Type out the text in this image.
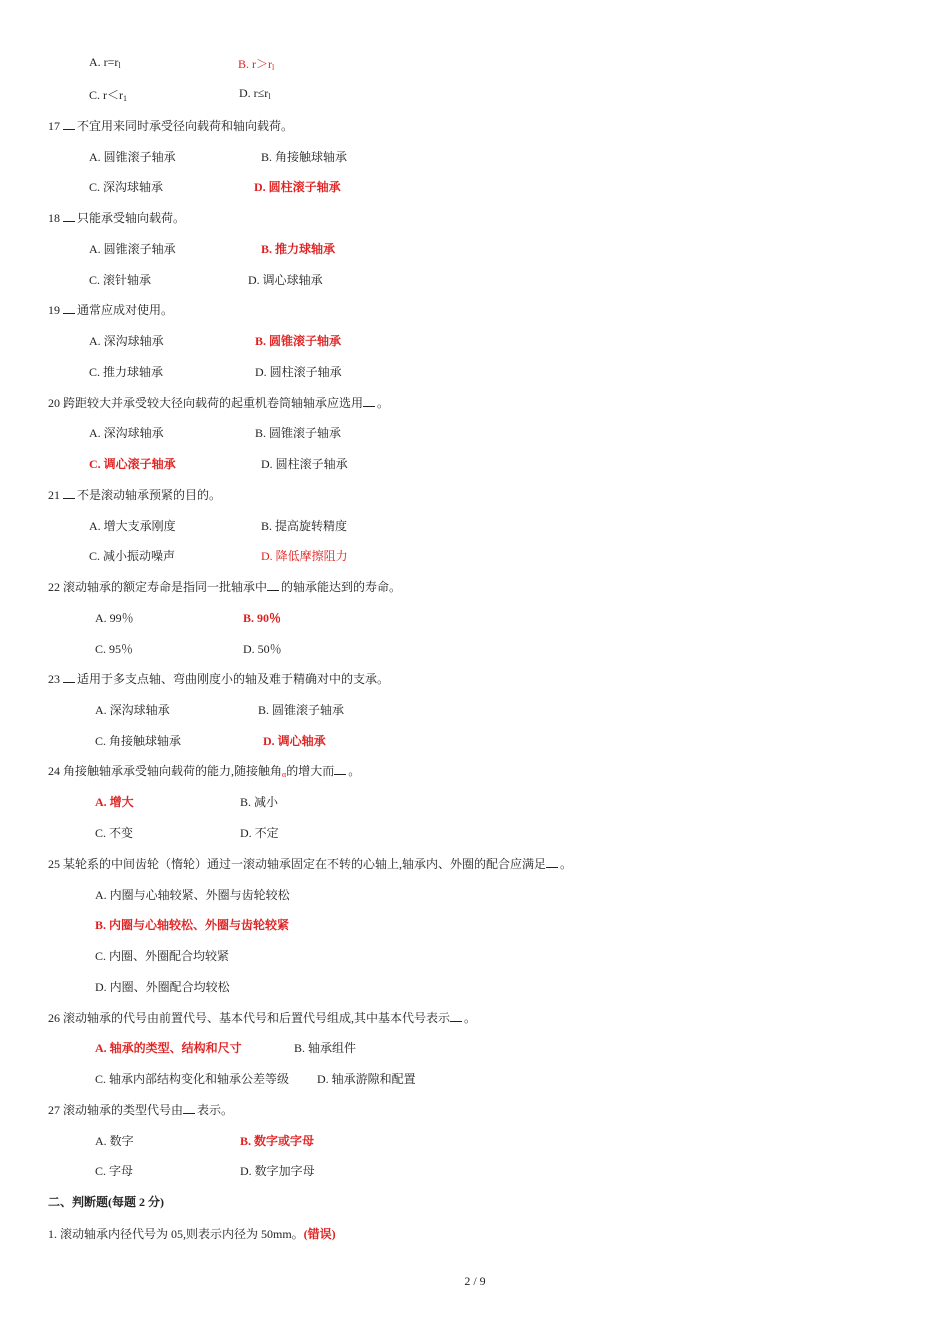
A. $r=r_l$	B. $r>r_l$
C. $r<r_1$	D. $r\le r_l$
17 不宜用来同时承受径向载荷和轴向载荷。
A. 圆锥滚子轴承	B. 角接触球轴承
C. 深沟球轴承	D. 圆柱滚子轴承
18 只能承受轴向载荷。
A. 圆锥滚子轴承	B. 推力球轴承
C. 滚针轴承	D. 调心球轴承
19 通常应成对使用。
A. 深沟球轴承	B. 圆锥滚子轴承
C. 推力球轴承	D. 圆柱滚子轴承
20 跨距较大并承受较大径向载荷的起重机卷筒轴轴承应选用 。
A. 深沟球轴承	B. 圆锥滚子轴承
C. 调心滚子轴承	D. 圆柱滚子轴承
21 不是滚动轴承预紧的目的。
A. 增大支承刚度	B. 提高旋转精度
C. 减小振动噪声	D. 降低摩擦阻力
22 滚动轴承的额定寿命是指同一批轴承中 的轴承能达到的寿命。
A. 99％	B. 90％
C. 95％	D. 50％
23 适用于多支点轴、弯曲刚度小的轴及难于精确对中的支承。
A. 深沟球轴承	B. 圆锥滚子轴承
C. 角接触球轴承	D. 调心轴承
24 角接触轴承承受轴向载荷的能力,随接触角$_\alpha$的增大而 。
A. 增大	B. 减小
C. 不变	D. 不定
25 某轮系的中间齿轮（惰轮）通过一滚动轴承固定在不转的心轴上,轴承内、外圈的配合应满足 。
A. 内圈与心轴较紧、外圈与齿轮较松
B. 内圈与心轴较松、外圈与齿轮较紧
C. 内圈、外圈配合均较紧
D. 内圈、外圈配合均较松
26 滚动轴承的代号由前置代号、基本代号和后置代号组成,其中基本代号表示 。
A. 轴承的类型、结构和尺寸	B. 轴承组件
C. 轴承内部结构变化和轴承公差等级 D. 轴承游隙和配置
27 滚动轴承的类型代号由 表示。
A. 数字	B. 数字或字母
C. 字母	D. 数字加字母
二、判断题(每题 2 分)
1. 滚动轴承内径代号为 05,则表示内径为 50mm。(错误)
2 / 9
